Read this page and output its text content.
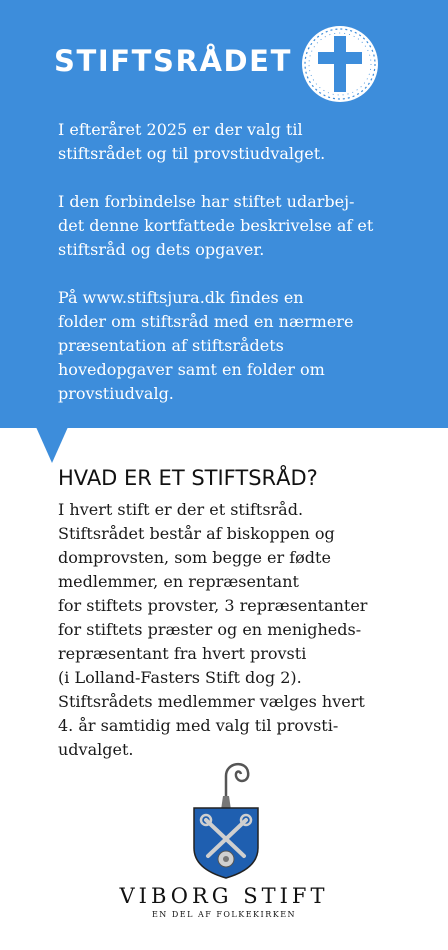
STIFTSRÅDET

I efteråret 2025 er der valg til
stiftsrådet og til provstiudvalget.

I den forbindelse har stiftet udarbej-
det denne kortfattede beskrivelse af et
stiftsråd og dets opgaver.

På www.stiftsjura.dk findes en
folder om stiftsråd med en nærmere
præsentation af stiftsrådets
hovedopgaver samt en folder om
provstiudvalg.

HVAD ER ET STIFTSRÅD?

I hvert stift er der et stiftsråd.
Stiftsrådet består af biskoppen og
domprovsten, som begge er fødte
medlemmer, en repræsentant
for stiftets provster, 3 repræsentanter
for stiftets præster og en menigheds-
repræsentant fra hvert provsti
(i Lolland-Fasters Stift dog 2).
Stiftsrådets medlemmer vælges hvert
4. år samtidig med valg til provsti-
udvalget.

VIBORG STIFT

EN DEL AF FOLKEKIRKEN
